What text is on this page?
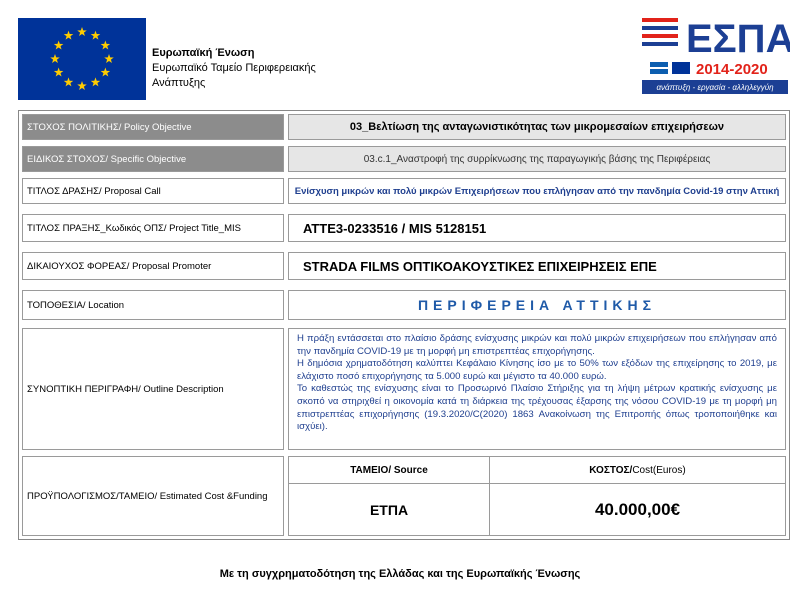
Ευρωπαϊκή Ένωση
Ευρωπαϊκό Ταμείο Περιφερειακής
Ανάπτυξης
ΕΣΠΑ
2014-2020
ανάπτυξη - εργασία - αλληλεγγύη
ΣΤΟΧΟΣ ΠΟΛΙΤΙΚΗΣ/ Policy Objective	03_Βελτίωση της ανταγωνιστικότητας των μικρομεσαίων επιχειρήσεων
ΕΙΔΙΚΟΣ ΣΤΟΧΟΣ/ Specific Objective	03.c.1_Αναστροφή της συρρίκνωσης της παραγωγικής βάσης της Περιφέρειας
ΤΙΤΛΟΣ ΔΡΑΣΗΣ/ Proposal Call	Ενίσχυση μικρών και πολύ μικρών Επιχειρήσεων που επλήγησαν από την πανδημία Covid-19 στην Αττική
ΤΙΤΛΟΣ ΠΡΑΞΗΣ_Κωδικός ΟΠΣ/ Project Title_MIS	ΑΤΤΕ3-0233516 / MIS 5128151
ΔΙΚΑΙΟΥΧΟΣ ΦΟΡΕΑΣ/ Proposal Promoter	STRADA FILMS ΟΠΤΙΚΟΑΚΟΥΣΤΙΚΕΣ ΕΠΙΧΕΙΡΗΣΕΙΣ ΕΠΕ
ΤΟΠΟΘΕΣΙΑ/ Location	ΠΕΡΙΦΕΡΕΙΑ ΑΤΤΙΚΗΣ
ΣΥΝΟΠΤΙΚΗ ΠΕΡΙΓΡΑΦΗ/ Outline Description

Η πράξη εντάσσεται στο πλαίσιο δράσης ενίσχυσης μικρών και πολύ μικρών επιχειρήσεων που επλήγησαν από την πανδημία COVID-19 με τη μορφή μη επιστρεπτέας επιχορήγησης.

Η δημόσια χρηματοδότηση καλύπτει Κεφάλαιο Κίνησης ίσο με το 50% των εξόδων της επιχείρησης το 2019, με ελάχιστο ποσό επιχορήγησης τα 5.000 ευρώ και μέγιστο τα 40.000 ευρώ.

Το καθεστώς της ενίσχυσης είναι το Προσωρινό Πλαίσιο Στήριξης για τη λήψη μέτρων κρατικής ενίσχυσης με σκοπό να στηριχθεί η οικονομία κατά τη διάρκεια της τρέχουσας έξαρσης της νόσου COVID-19 με τη μορφή μη επιστρεπτέας επιχορήγησης (19.3.2020/C(2020) 1863 Ανακοίνωση της Επιτροπής όπως τροποποιήθηκε και ισχύει).

ΠΡΟΫΠΟΛΟΓΙΣΜΟΣ/ΤΑΜΕΙΟ/ Estimated Cost &Funding
ΤΑΜΕΙΟ/ Source	ΚΟΣΤΟΣ/ Cost(Euros)
ΕΤΠΑ	40.000,00€
Με τη συγχρηματοδότηση της Ελλάδας και της Ευρωπαϊκής Ένωσης
